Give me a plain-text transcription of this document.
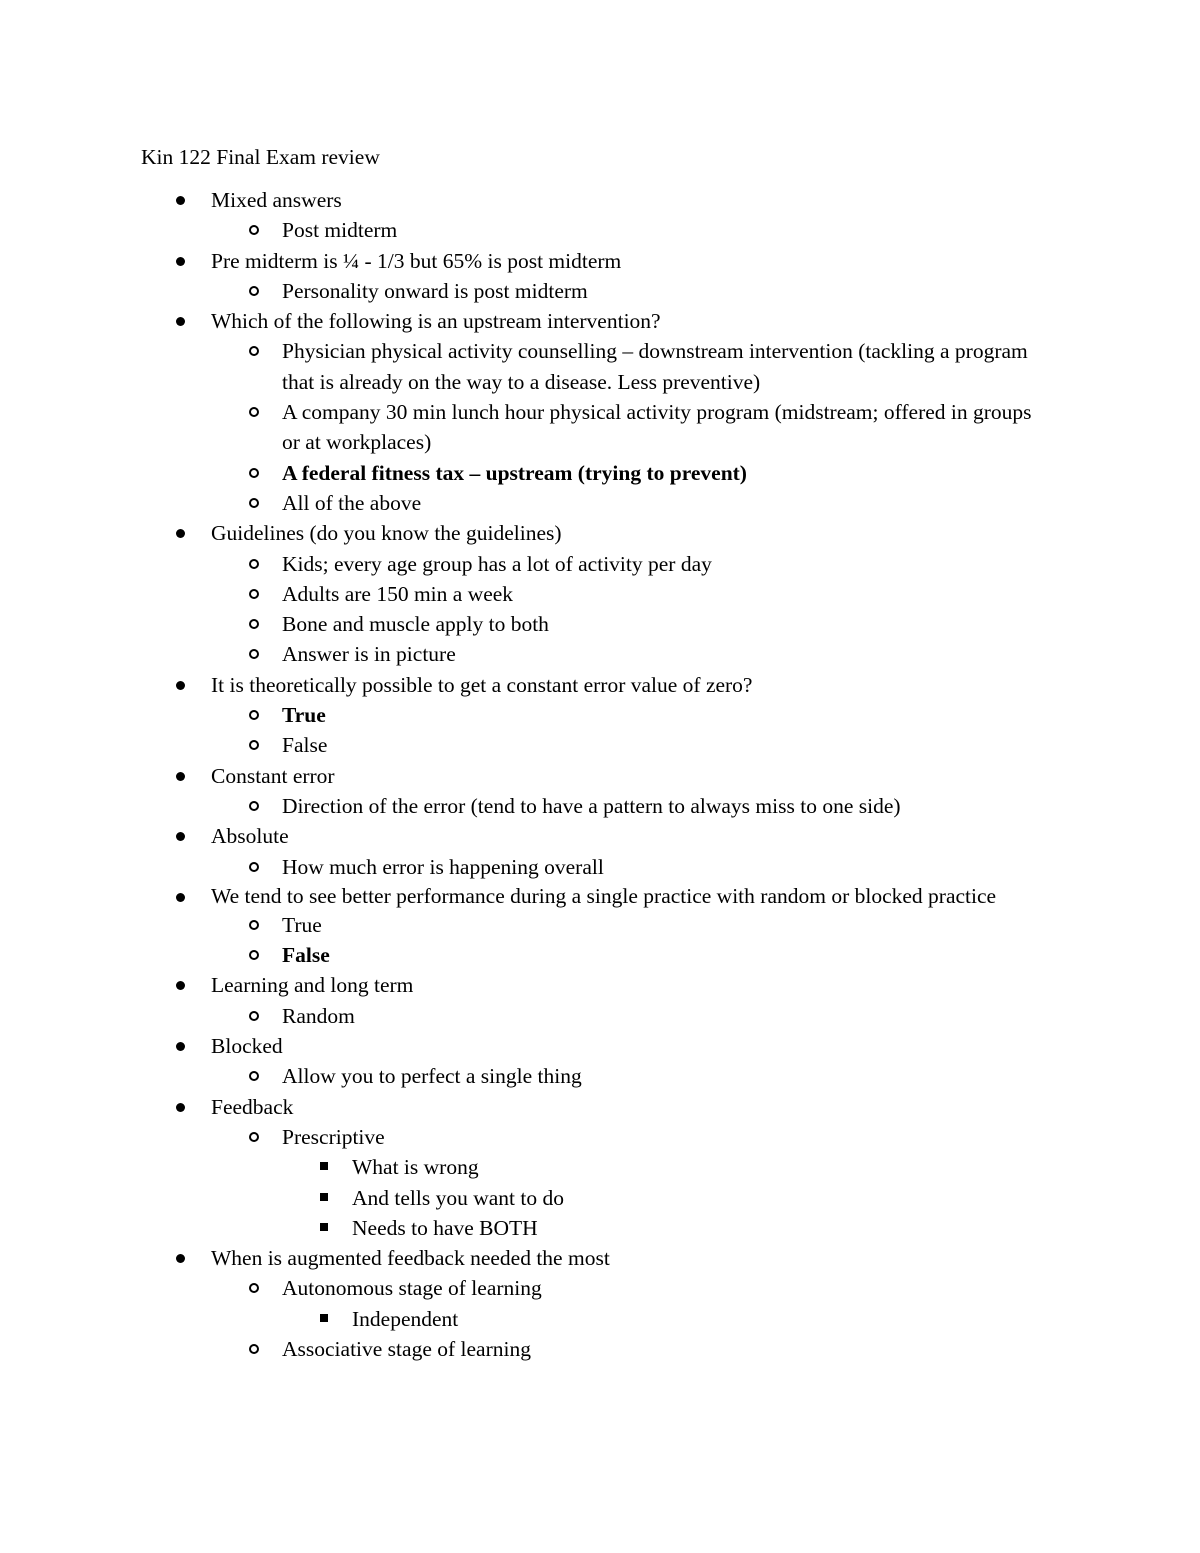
Kin 122 Final Exam review
Mixed answers
Post midterm
Pre midterm is ¼ - 1/3 but 65% is post midterm
Personality onward is post midterm
Which of the following is an upstream intervention?
Physician physical activity counselling – downstream intervention (tackling a program that is already on the way to a disease. Less preventive)
A company 30 min lunch hour physical activity program (midstream; offered in groups or at workplaces)
A federal fitness tax – upstream (trying to prevent)
All of the above
Guidelines (do you know the guidelines)
Kids; every age group has a lot of activity per day
Adults are 150 min a week
Bone and muscle apply to both
Answer is in picture
It is theoretically possible to get a constant error value of zero?
True
False
Constant error
Direction of the error (tend to have a pattern to always miss to one side)
Absolute
How much error is happening overall
We tend to see better performance during a single practice with random or blocked practice
True
False
Learning and long term
Random
Blocked
Allow you to perfect a single thing
Feedback
Prescriptive
What is wrong
And tells you want to do
Needs to have BOTH
When is augmented feedback needed the most
Autonomous stage of learning
Independent
Associative stage of learning
